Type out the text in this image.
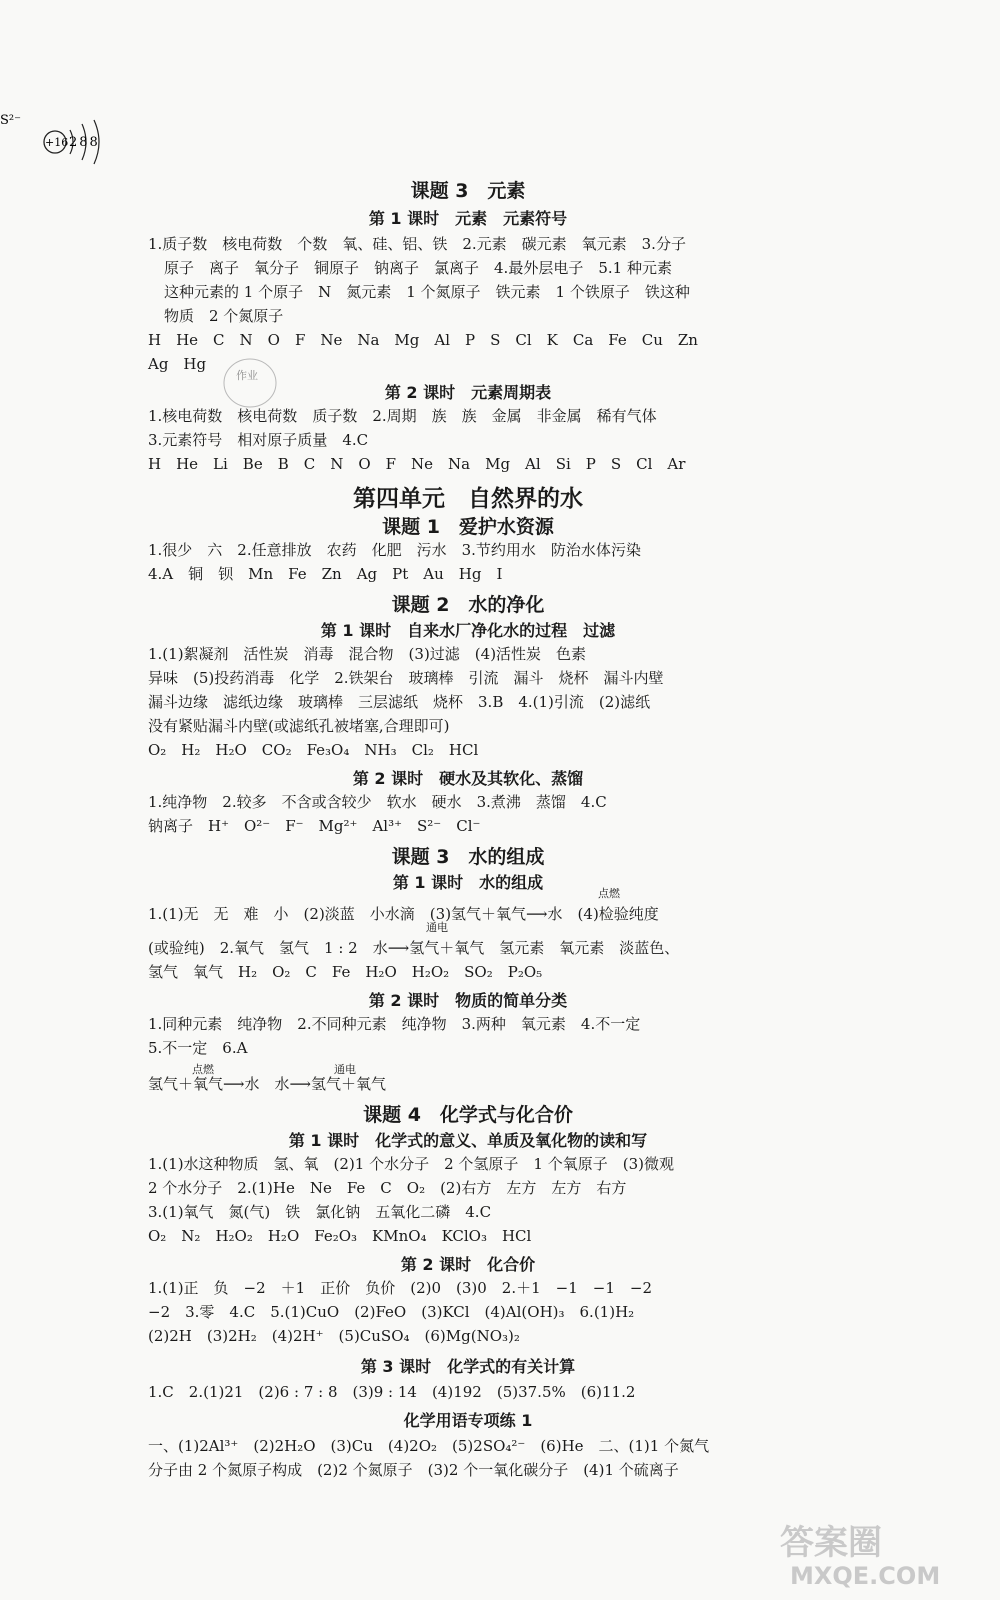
S²⁻
+16 288
作业
课题 3　元素
第 1 课时　元素　元素符号
1.质子数　核电荷数　个数　氧、硅、铝、铁　2.元素　碳元素　氧元素　3.分子
原子　离子　氧分子　铜原子　钠离子　氯离子　4.最外层电子　5.1 种元素
这种元素的 1 个原子　N　氮元素　1 个氮原子　铁元素　1 个铁原子　铁这种
物质　2 个氮原子
H　He　C　N　O　F　Ne　Na　Mg　Al　P　S　Cl　K　Ca　Fe　Cu　Zn
Ag　Hg
第 2 课时　元素周期表
1.核电荷数　核电荷数　质子数　2.周期　族　族　金属　非金属　稀有气体
3.元素符号　相对原子质量　4.C
H　He　Li　Be　B　C　N　O　F　Ne　Na　Mg　Al　Si　P　S　Cl　Ar
第四单元　自然界的水
课题 1　爱护水资源
1.很少　六　2.任意排放　农药　化肥　污水　3.节约用水　防治水体污染
4.A　铜　钡　Mn　Fe　Zn　Ag　Pt　Au　Hg　I
课题 2　水的净化
第 1 课时　自来水厂净化水的过程　过滤
1.(1)絮凝剂　活性炭　消毒　混合物　(3)过滤　(4)活性炭　色素
异味　(5)投药消毒　化学　2.铁架台　玻璃棒　引流　漏斗　烧杯　漏斗内壁
漏斗边缘　滤纸边缘　玻璃棒　三层滤纸　烧杯　3.B　4.(1)引流　(2)滤纸
没有紧贴漏斗内壁(或滤纸孔被堵塞,合理即可)
O₂　H₂　H₂O　CO₂　Fe₃O₄　NH₃　Cl₂　HCl
第 2 课时　硬水及其软化、蒸馏
1.纯净物　2.较多　不含或含较少　软水　硬水　3.煮沸　蒸馏　4.C
钠离子　H⁺　O²⁻　F⁻　Mg²⁺　Al³⁺　S²⁻　Cl⁻
课题 3　水的组成
第 1 课时　水的组成
点燃
1.(1)无　无　难　小　(2)淡蓝　小水滴　(3)氢气＋氧气⟶水　(4)检验纯度
通电
(或验纯)　2.氧气　氢气　1 : 2　水⟶氢气＋氧气　氢元素　氧元素　淡蓝色、
氢气　氧气　H₂　O₂　C　Fe　H₂O　H₂O₂　SO₂　P₂O₅
第 2 课时　物质的简单分类
1.同种元素　纯净物　2.不同种元素　纯净物　3.两种　氧元素　4.不一定
5.不一定　6.A
点燃	通电
氢气＋氧气⟶水　水⟶氢气＋氧气
课题 4　化学式与化合价
第 1 课时　化学式的意义、单质及氧化物的读和写
1.(1)水这种物质　氢、氧　(2)1 个水分子　2 个氢原子　1 个氧原子　(3)微观
2 个水分子　2.(1)He　Ne　Fe　C　O₂　(2)右方　左方　左方　右方
3.(1)氧气　氮(气)　铁　氯化钠　五氧化二磷　4.C
O₂　N₂　H₂O₂　H₂O　Fe₂O₃　KMnO₄　KClO₃　HCl
第 2 课时　化合价
1.(1)正　负　−2　＋1　正价　负价　(2)0　(3)0　2.＋1　−1　−1　−2
−2　3.零　4.C　5.(1)CuO　(2)FeO　(3)KCl　(4)Al(OH)₃　6.(1)H₂
(2)2H　(3)2H₂　(4)2H⁺　(5)CuSO₄　(6)Mg(NO₃)₂
第 3 课时　化学式的有关计算
1.C　2.(1)21　(2)6 : 7 : 8　(3)9 : 14　(4)192　(5)37.5%　(6)11.2
化学用语专项练 1
一、(1)2Al³⁺　(2)2H₂O　(3)Cu　(4)2O₂　(5)2SO₄²⁻　(6)He　二、(1)1 个氮气
分子由 2 个氮原子构成　(2)2 个氮原子　(3)2 个一氧化碳分子　(4)1 个硫离子
答案圈
MXQE.COM
